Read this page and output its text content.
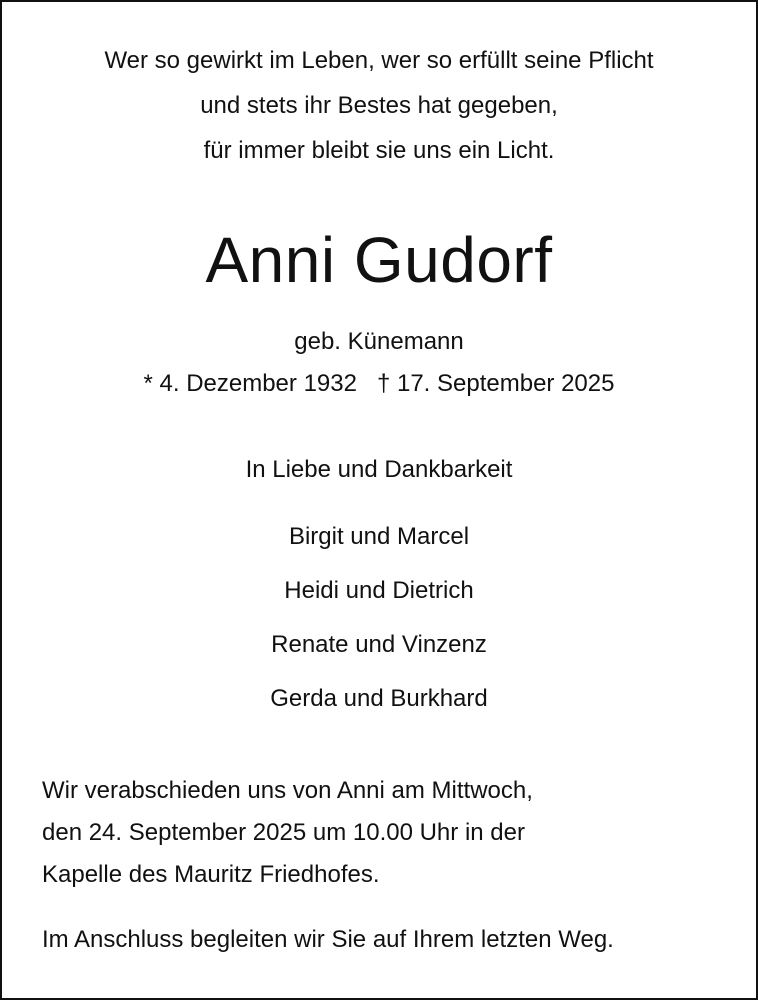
Wer so gewirkt im Leben, wer so erfüllt seine Pflicht
und stets ihr Bestes hat gegeben,
für immer bleibt sie uns ein Licht.
Anni Gudorf
geb. Künemann
* 4. Dezember 1932 † 17. September 2025
In Liebe und Dankbarkeit
Birgit und Marcel
Heidi und Dietrich
Renate und Vinzenz
Gerda und Burkhard
Wir verabschieden uns von Anni am Mittwoch,
den 24. September 2025 um 10.00 Uhr in der
Kapelle des Mauritz Friedhofes.
Im Anschluss begleiten wir Sie auf Ihrem letzten Weg.
